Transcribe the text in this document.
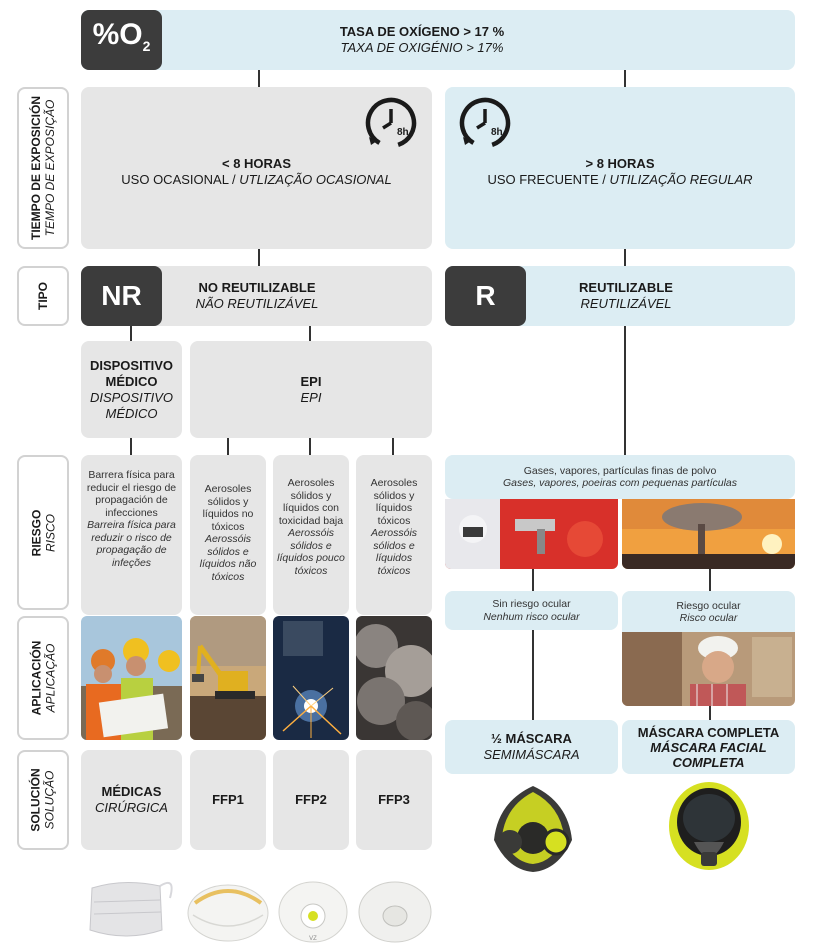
$\%O_2$
TASA DE OXÍGENO > 17 %
TAXA DE OXIGÉNIO > 17%
TIEMPO DE EXPOSICIÓN TEMPO DE EXPOSIÇÃO
TIPO
RIESGO RISCO
APLICACIÓN APLICAÇÃO
SOLUCIÓN SOLUÇÃO
8h
< 8 HORAS
USO OCASIONAL / UTLIZAÇÃO OCASIONAL
8h
> 8 HORAS
USO FRECUENTE / UTILIZAÇÃO REGULAR
NR	NO REUTILIZABLE
NÃO REUTILIZÁVEL	R	REUTILIZABLE
REUTILIZÁVEL
DISPOSITIVO MÉDICO
DISPOSITIVO MÉDICO
EPI
EPI
Barrera física para reducir el riesgo de propagación de infecciones
Barreira física para reduzir o risco de propagação de infeções
Aerosoles sólidos y líquidos no tóxicos
Aerossóis sólidos e líquidos não tóxicos
Aerosoles sólidos y líquidos con toxicidad baja
Aerossóis sólidos e líquidos pouco tóxicos
Aerosoles sólidos y líquidos tóxicos
Aerossóis sólidos e líquidos tóxicos
Gases, vapores, partículas finas de polvo
Gases, vapores, poeiras com pequenas partículas
Sin riesgo ocular
Nenhum risco ocular
Riesgo ocular
Risco ocular
MÉDICAS
CIRÚRGICA
FFP1	FFP2	FFP3
½ MÁSCARA
SEMIMÁSCARA
MÁSCARA COMPLETA
MÁSCARA FACIAL COMPLETA
VZ
